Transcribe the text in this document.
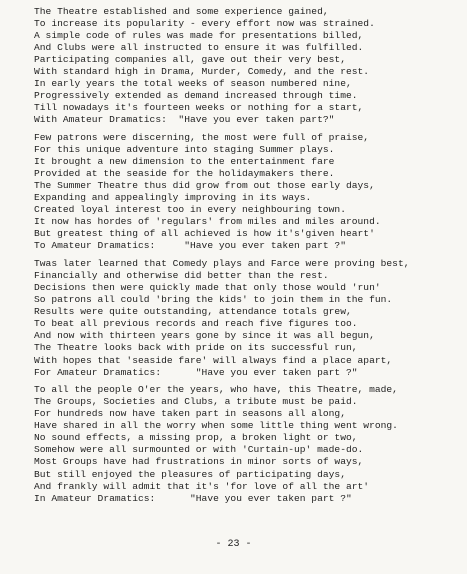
The Theatre established and some experience gained,
To increase its popularity - every effort now was strained.
A simple code of rules was made for presentations billed,
And Clubs were all instructed to ensure it was fulfilled.
Participating companies all, gave out their very best,
With standard high in Drama, Murder, Comedy, and the rest.
In early years the total weeks of season numbered nine,
Progressively extended as demand increased through time.
Till nowadays it's fourteen weeks or nothing for a start,
With Amateur Dramatics:  "Have you ever taken part?"
Few patrons were discerning, the most were full of praise,
For this unique adventure into staging Summer plays.
It brought a new dimension to the entertainment fare
Provided at the seaside for the holidaymakers there.
The Summer Theatre thus did grow from out those early days,
Expanding and appealingly improving in its ways.
Created loyal interest too in every neighbouring town.
It now has hordes of 'regulars' from miles and miles around.
But greatest thing of all achieved is how it's'given heart'
To Amateur Dramatics:     "Have you ever taken part ?"
Twas later learned that Comedy plays and Farce were proving best,
Financially and otherwise did better than the rest.
Decisions then were quickly made that only those would 'run'
So patrons all could 'bring the kids' to join them in the fun.
Results were quite outstanding, attendance totals grew,
To beat all previous records and reach five figures too.
And now with thirteen years gone by since it was all begun,
The Theatre looks back with pride on its successful run,
With hopes that 'seaside fare' will always find a place apart,
For Amateur Dramatics:      "Have you ever taken part ?"
To all the people O'er the years, who have, this Theatre, made,
The Groups, Societies and Clubs, a tribute must be paid.
For hundreds now have taken part in seasons all along,
Have shared in all the worry when some little thing went wrong.
No sound effects, a missing prop, a broken light or two,
Somehow were all surmounted or with 'Curtain-up' made-do.
Most Groups have had frustrations in minor sorts of ways,
But still enjoyed the pleasures of participating days,
And frankly will admit that it's 'for love of all the art'
In Amateur Dramatics:      "Have you ever taken part ?"
- 23 -
